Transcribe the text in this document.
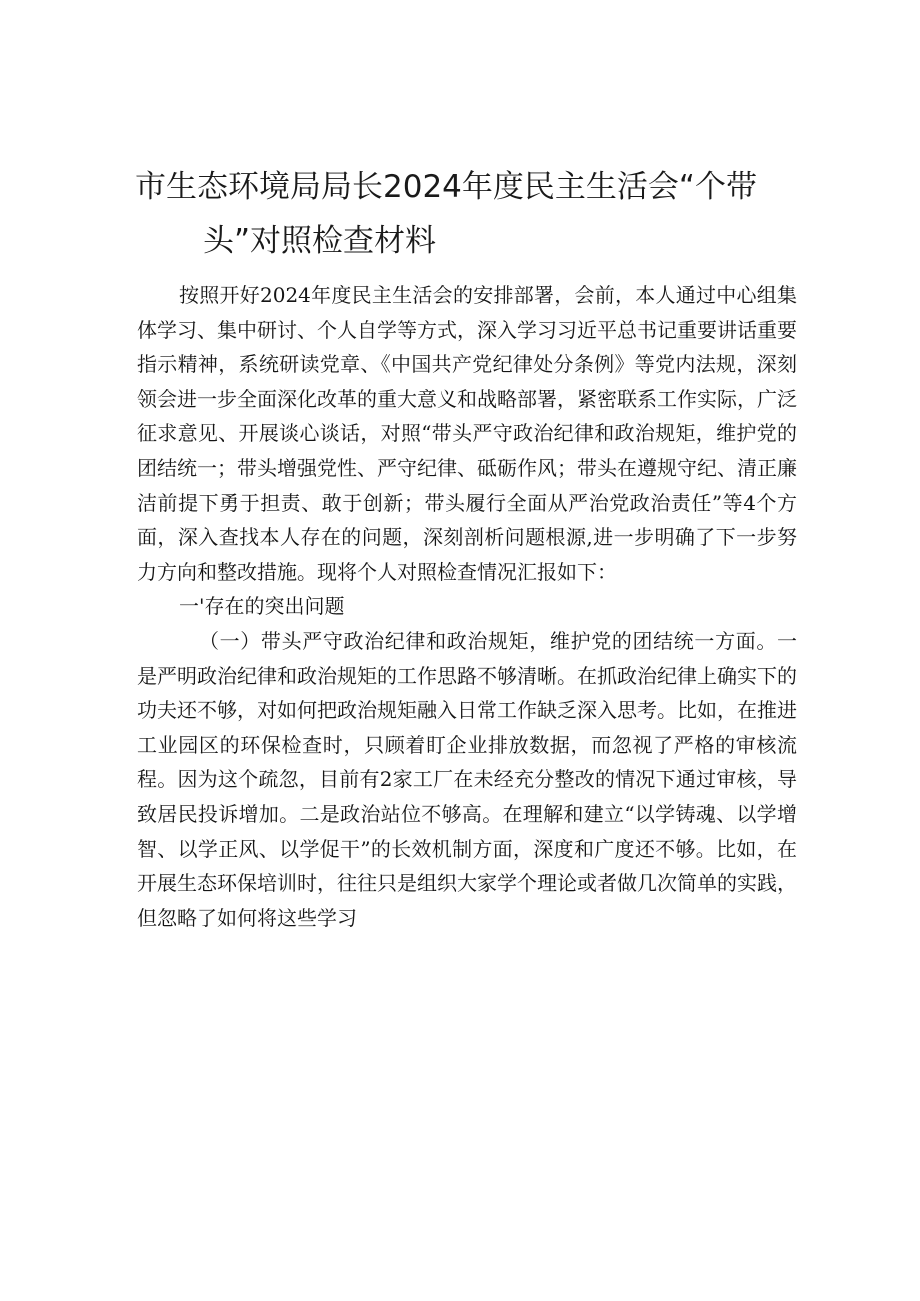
市生态环境局局长2024年度民主生活会“个带
头”对照检查材料

按照开好2024年度民主生活会的安排部署，会前，本人通过中心组集体学习、集中研讨、个人自学等方式，深入学习习近平总书记重要讲话重要指示精神，系统研读党章、《中国共产党纪律处分条例》等党内法规，深刻领会进一步全面深化改革的重大意义和战略部署，紧密联系工作实际，广泛征求意见、开展谈心谈话，对照“带头严守政治纪律和政治规矩，维护党的团结统一；带头增强党性、严守纪律、砥砺作风；带头在遵规守纪、清正廉洁前提下勇于担责、敢于创新；带头履行全面从严治党政治责任”等4个方面，深入查找本人存在的问题，深刻剖析问题根源,进一步明确了下一步努力方向和整改措施。现将个人对照检查情况汇报如下：

一'存在的突出问题

（一）带头严守政治纪律和政治规矩，维护党的团结统一方面。一是严明政治纪律和政治规矩的工作思路不够清晰。在抓政治纪律上确实下的功夫还不够，对如何把政治规矩融入日常工作缺乏深入思考。比如，在推进工业园区的环保检查时，只顾着盯企业排放数据，而忽视了严格的审核流程。因为这个疏忽，目前有2家工厂在未经充分整改的情况下通过审核，导致居民投诉增加。二是政治站位不够高。在理解和建立“以学铸魂、以学增智、以学正风、以学促干”的长效机制方面，深度和广度还不够。比如，在开展生态环保培训时，往往只是组织大家学个理论或者做几次简单的实践，但忽略了如何将这些学习
